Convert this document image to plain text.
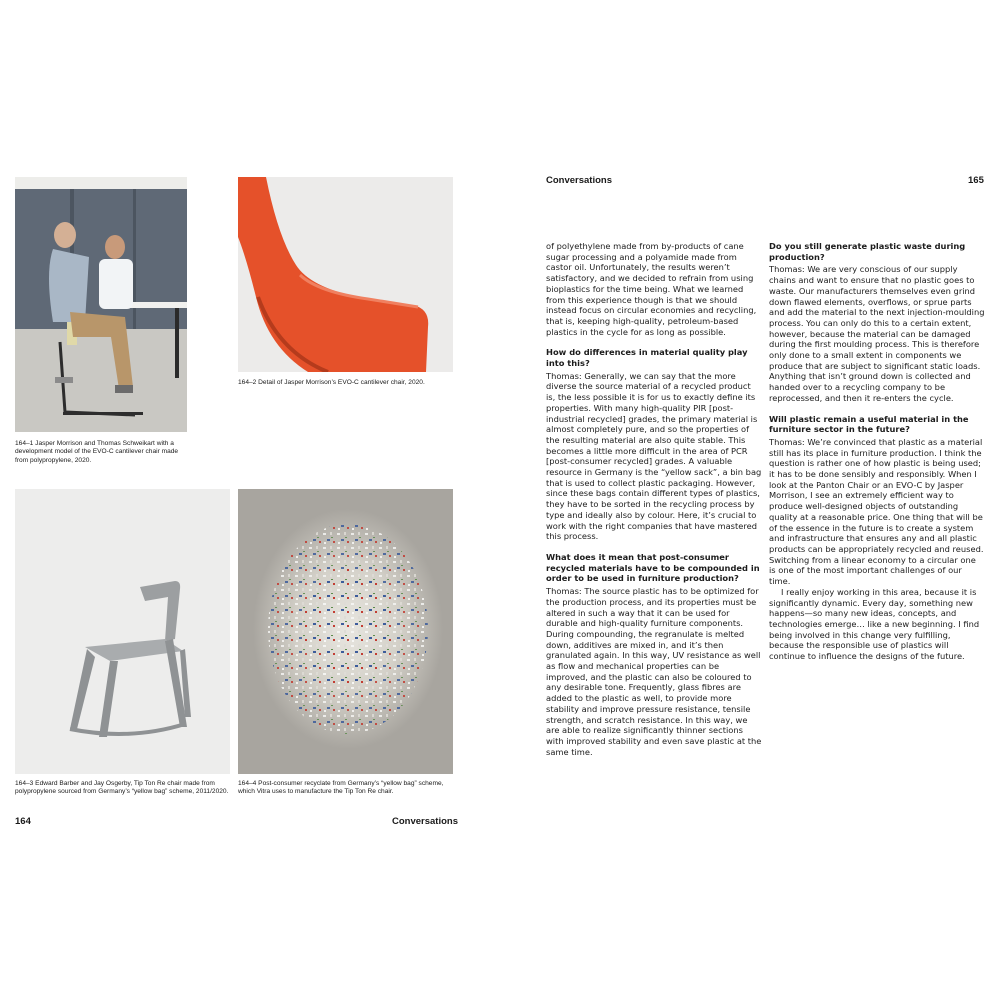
164–1 Jasper Morrison and Thomas Schweikart with a development model of the EVO-C cantilever chair made from polypropylene, 2020.
164–2 Detail of Jasper Morrison’s EVO-C cantilever chair, 2020.
164–3 Edward Barber and Jay Osgerby, Tip Ton Re chair made from polypropylene sourced from Germany’s “yellow bag” scheme, 2011/2020.
164–4 Post-consumer recyclate from Germany’s “yellow bag” scheme, which Vitra uses to manufacture the Tip Ton Re chair.
164	Conversations
Conversations	165

of polyethylene made from by-products of cane sugar processing and a polyamide made from castor oil. Unfortunately, the results weren’t satisfactory, and we decided to refrain from using bioplastics for the time being. What we learned from this experience though is that we should instead focus on circular economies and recycling, that is, keeping high-quality, petroleum-based plastics in the cycle for as long as possible.

How do differences in material quality play into this?

Thomas: Generally, we can say that the more diverse the source material of a recycled product is, the less possible it is for us to exactly define its properties. With many high-quality PIR [post-industrial recycled] grades, the primary material is almost completely pure, and so the properties of the resulting material are also quite stable. This becomes a little more difficult in the area of PCR [post-consumer recycled] grades. A valuable resource in Germany is the “yellow sack”, a bin bag that is used to collect plastic packaging. However, since these bags contain different types of plastics, they have to be sorted in the recycling process by type and ideally also by colour. Here, it’s crucial to work with the right companies that have mastered this process.

What does it mean that post-consumer recycled materials have to be compounded in order to be used in furniture production?

Thomas: The source plastic has to be optimized for the production process, and its properties must be altered in such a way that it can be used for durable and high-quality furniture components. During compounding, the regranulate is melted down, additives are mixed in, and it’s then granulated again. In this way, UV resistance as well as flow and mechanical properties can be improved, and the plastic can also be coloured to any desirable tone. Frequently, glass fibres are added to the plastic as well, to provide more stability and improve pressure resistance, tensile strength, and scratch resistance. In this way, we are able to realize significantly thinner sections with improved stability and even save plastic at the same time.

Do you still generate plastic waste during production?

Thomas: We are very conscious of our supply chains and want to ensure that no plastic goes to waste. Our manufacturers themselves even grind down flawed elements, overflows, or sprue parts and add the material to the next injection-moulding process. You can only do this to a certain extent, however, because the material can be damaged during the first moulding process. This is therefore only done to a small extent in components we produce that are subject to significant static loads. Anything that isn’t ground down is collected and handed over to a recycling company to be reprocessed, and then it re-enters the cycle.

Will plastic remain a useful material in the furniture sector in the future?

Thomas: We’re convinced that plastic as a material still has its place in furniture production. I think the question is rather one of how plastic is being used; it has to be done sensibly and responsibly. When I look at the Panton Chair or an EVO-C by Jasper Morrison, I see an extremely efficient way to produce well-designed objects of outstanding quality at a reasonable price. One thing that will be of the essence in the future is to create a system and infrastructure that ensures any and all plastic products can be appropriately recycled and reused. Switching from a linear economy to a circular one is one of the most important challenges of our time.

I really enjoy working in this area, because it is significantly dynamic. Every day, something new happens—so many new ideas, concepts, and technologies emerge… like a new beginning. I find being involved in this change very fulfilling, because the responsible use of plastics will continue to influence the designs of the future.
